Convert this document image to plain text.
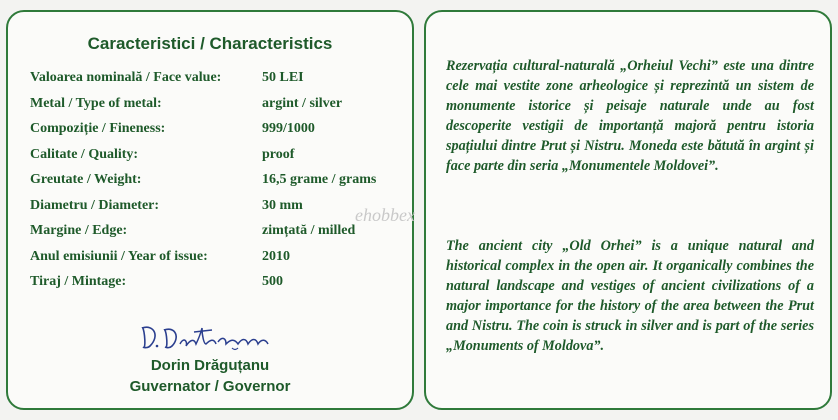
Caracteristici / Characteristics
Valoarea nominală / Face value:	50 LEI
Metal / Type of metal:	argint / silver
Compoziție / Fineness:	999/1000
Calitate / Quality:	proof
Greutate / Weight:	16,5 grame / grams
Diametru / Diameter:	30 mm
Margine / Edge:	zimțată / milled
Anul emisiunii / Year of issue:	2010
Tiraj / Mintage:	500
Dorin Drăguțanu
Guvernator / Governor
Rezervația cultural-naturală „Orheiul Vechi” este una dintre cele mai vestite zone arheologice și reprezintă un sistem de monumente istorice și peisaje naturale unde au fost descoperite vestigii de importanță majoră pentru istoria spațiului dintre Prut și Nistru. Moneda este bătută în argint și face parte din seria „Monumentele Moldovei”.
The ancient city „Old Orhei” is a unique natural and historical complex in the open air. It organically combines the natural landscape and vestiges of ancient civilizations of a major importance for the history of the area between the Prut and Nistru. The coin is struck in silver and is part of the series „Monuments of Moldova”.
ehobbex
